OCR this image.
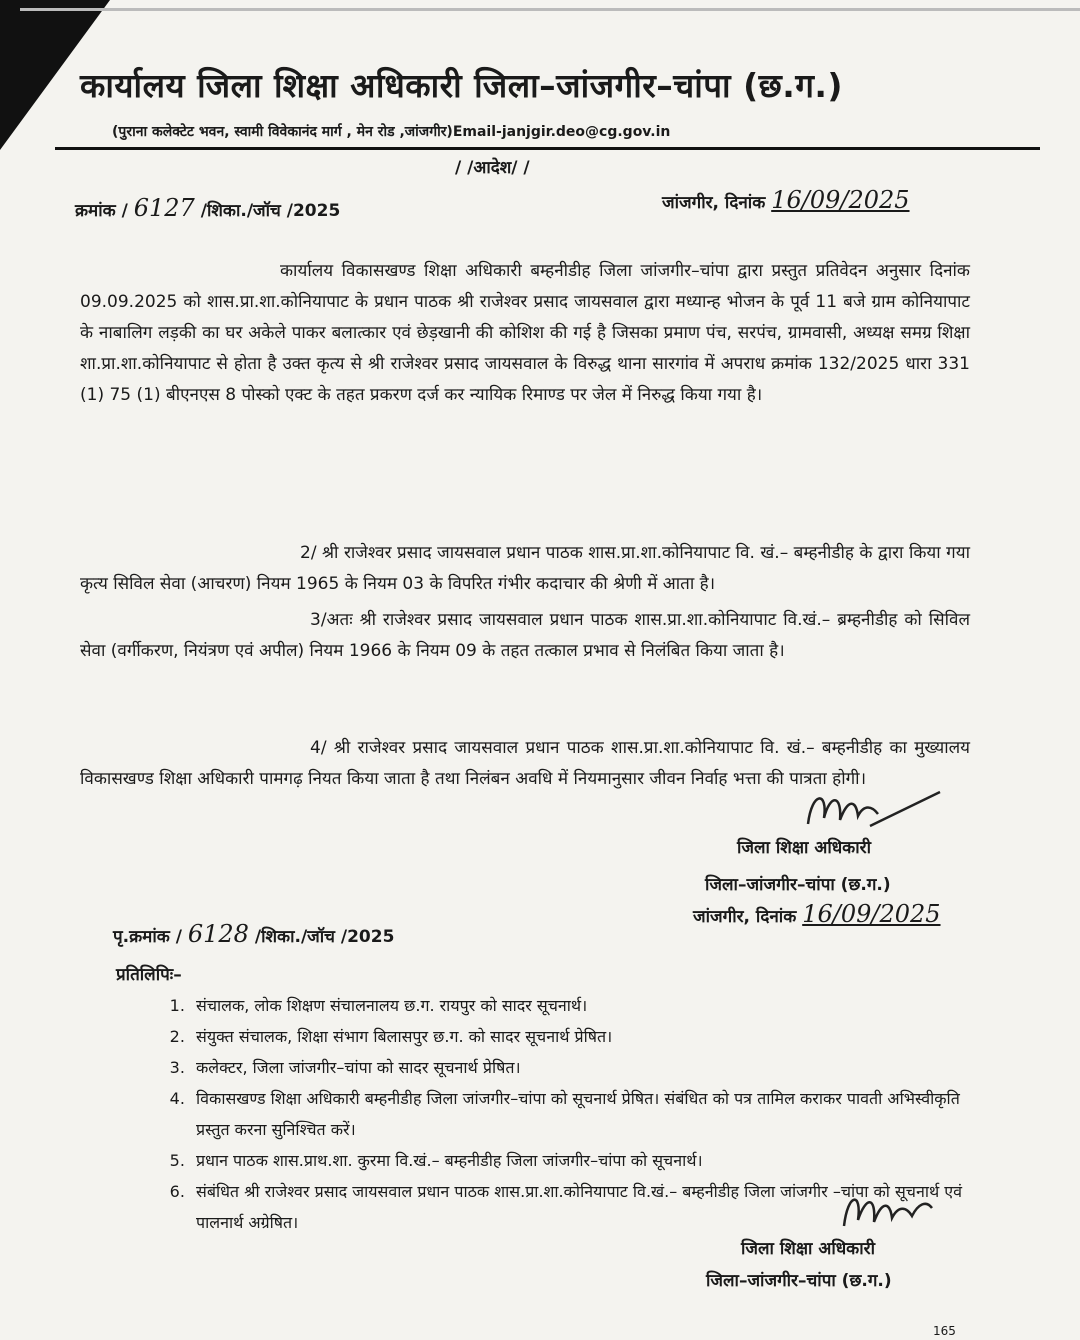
कार्यालय जिला शिक्षा अधिकारी जिला–जांजगीर–चांपा (छ.ग.)
(पुराना कलेक्टेट भवन, स्वामी विवेकानंद मार्ग , मेन रोड ,जांजगीर)Email-janjgir.deo@cg.gov.in
/ /आदेश/ /
क्रमांक / 6127 /शिका./जॉच /2025	जांजगीर, दिनांक 16/09/2025
कार्यालय विकासखण्ड शिक्षा अधिकारी बम्हनीडीह जिला जांजगीर–चांपा द्वारा प्रस्तुत प्रतिवेदन अनुसार दिनांक 09.09.2025 को शास.प्रा.शा.कोनियापाट के प्रधान पाठक श्री राजेश्वर प्रसाद जायसवाल द्वारा मध्यान्ह भोजन के पूर्व 11 बजे ग्राम कोनियापाट के नाबालिग लड़की का घर अकेले पाकर बलात्कार एवं छेड़खानी की कोशिश की गई है जिसका प्रमाण पंच, सरपंच, ग्रामवासी, अध्यक्ष समग्र शिक्षा शा.प्रा.शा.कोनियापाट से होता है उक्त कृत्य से श्री राजेश्वर प्रसाद जायसवाल के विरुद्ध थाना सारगांव में अपराध क्रमांक 132/2025 धारा 331 (1) 75 (1) बीएनएस 8 पोस्को एक्ट के तहत प्रकरण दर्ज कर न्यायिक रिमाण्ड पर जेल में निरुद्ध किया गया है।
2/ श्री राजेश्वर प्रसाद जायसवाल प्रधान पाठक शास.प्रा.शा.कोनियापाट वि. खं.– बम्हनीडीह के द्वारा किया गया कृत्य सिविल सेवा (आचरण) नियम 1965 के नियम 03 के विपरित गंभीर कदाचार की श्रेणी में आता है।
3/अतः श्री राजेश्वर प्रसाद जायसवाल प्रधान पाठक शास.प्रा.शा.कोनियापाट वि.खं.– ब्रम्हनीडीह को सिविल सेवा (वर्गीकरण, नियंत्रण एवं अपील) नियम 1966 के नियम 09 के तहत तत्काल प्रभाव से निलंबित किया जाता है।
4/ श्री राजेश्वर प्रसाद जायसवाल प्रधान पाठक शास.प्रा.शा.कोनियापाट वि. खं.– बम्हनीडीह का मुख्यालय विकासखण्ड शिक्षा अधिकारी पामगढ़ नियत किया जाता है तथा निलंबन अवधि में नियमानुसार जीवन निर्वाह भत्ता की पात्रता होगी।
जिला शिक्षा अधिकारी
जिला–जांजगीर–चांपा (छ.ग.)
जांजगीर, दिनांक 16/09/2025
पृ.क्रमांक / 6128 /शिका./जॉच /2025
प्रतिलिपिः–
1. संचालक, लोक शिक्षण संचालनालय छ.ग. रायपुर को सादर सूचनार्थ।
2. संयुक्त संचालक, शिक्षा संभाग बिलासपुर छ.ग. को सादर सूचनार्थ प्रेषित।
3. कलेक्टर, जिला जांजगीर–चांपा को सादर सूचनार्थ प्रेषित।
4. विकासखण्ड शिक्षा अधिकारी बम्हनीडीह जिला जांजगीर–चांपा को सूचनार्थ प्रेषित। संबंधित को पत्र तामिल कराकर पावती अभिस्वीकृति प्रस्तुत करना सुनिश्चित करें।
5. प्रधान पाठक शास.प्राथ.शा. कुरमा वि.खं.– बम्हनीडीह जिला जांजगीर–चांपा को सूचनार्थ।
6. संबंधित श्री राजेश्वर प्रसाद जायसवाल प्रधान पाठक शास.प्रा.शा.कोनियापाट वि.खं.– बम्हनीडीह जिला जांजगीर –चांपा को सूचनार्थ एवं पालनार्थ अग्रेषित।
जिला शिक्षा अधिकारी
जिला–जांजगीर–चांपा (छ.ग.)
165
